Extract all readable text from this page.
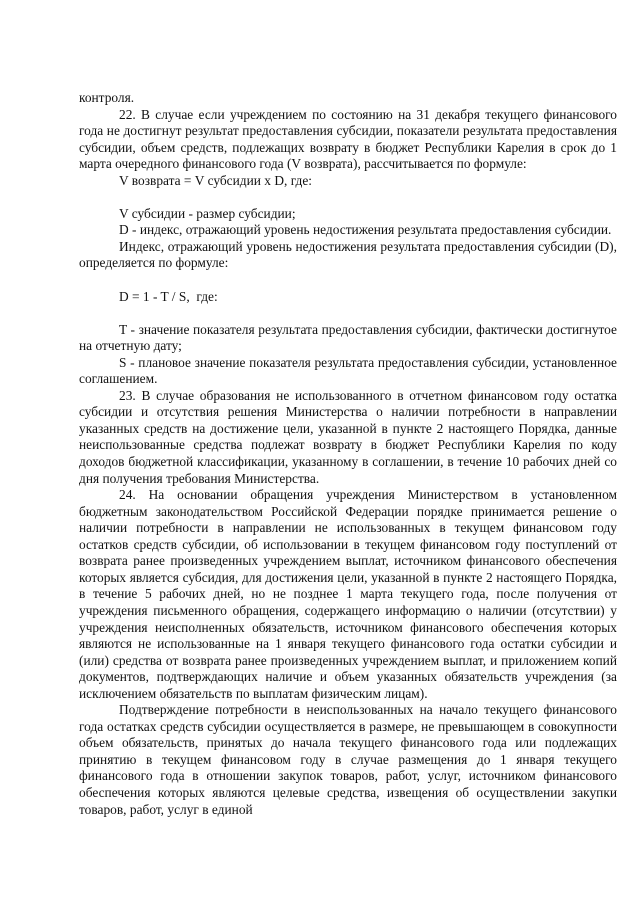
контроля.

22. В случае если учреждением по состоянию на 31 декабря текущего финансового года не достигнут результат предоставления субсидии, показатели результата предоставления субсидии, объем средств, подлежащих возврату в бюджет Республики Карелия в срок до 1 марта очередного финансового года (V возврата), рассчитывается по формуле:

V возврата = V субсидии x D, где:

V субсидии - размер субсидии;

D - индекс, отражающий уровень недостижения результата предоставления субсидии.

Индекс, отражающий уровень недостижения результата предоставления субсидии (D), определяется по формуле:

D = 1 - T / S,  где:

T - значение показателя результата предоставления субсидии, фактически достигнутое на отчетную дату;

S - плановое значение показателя результата предоставления субсидии, установленное соглашением.

23. В случае образования не использованного в отчетном финансовом году остатка субсидии и отсутствия решения Министерства о наличии потребности в направлении указанных средств на достижение цели, указанной в пункте 2 настоящего Порядка, данные неиспользованные средства подлежат возврату в бюджет Республики Карелия по коду доходов бюджетной классификации, указанному в соглашении, в течение 10 рабочих дней со дня получения требования Министерства.

24. На основании обращения учреждения Министерством в установленном бюджетным законодательством Российской Федерации порядке принимается решение о наличии потребности в направлении не использованных в текущем финансовом году остатков средств субсидии, об использовании в текущем финансовом году поступлений от возврата ранее произведенных учреждением выплат, источником финансового обеспечения которых является субсидия, для достижения цели, указанной в пункте 2 настоящего Порядка, в течение 5 рабочих дней, но не позднее 1 марта текущего года, после получения от учреждения письменного обращения, содержащего информацию о наличии (отсутствии) у учреждения неисполненных обязательств, источником финансового обеспечения которых являются не использованные на 1 января текущего финансового года остатки субсидии и (или) средства от возврата ранее произведенных учреждением выплат, и приложением копий документов, подтверждающих наличие и объем указанных обязательств учреждения (за исключением обязательств по выплатам физическим лицам).

Подтверждение потребности в неиспользованных на начало текущего финансового года остатках средств субсидии осуществляется в размере, не превышающем в совокупности объем обязательств, принятых до начала текущего финансового года или подлежащих принятию в текущем финансовом году в случае размещения до 1 января текущего финансового года в отношении закупок товаров, работ, услуг, источником финансового обеспечения которых являются целевые средства, извещения об осуществлении закупки товаров, работ, услуг в единой
